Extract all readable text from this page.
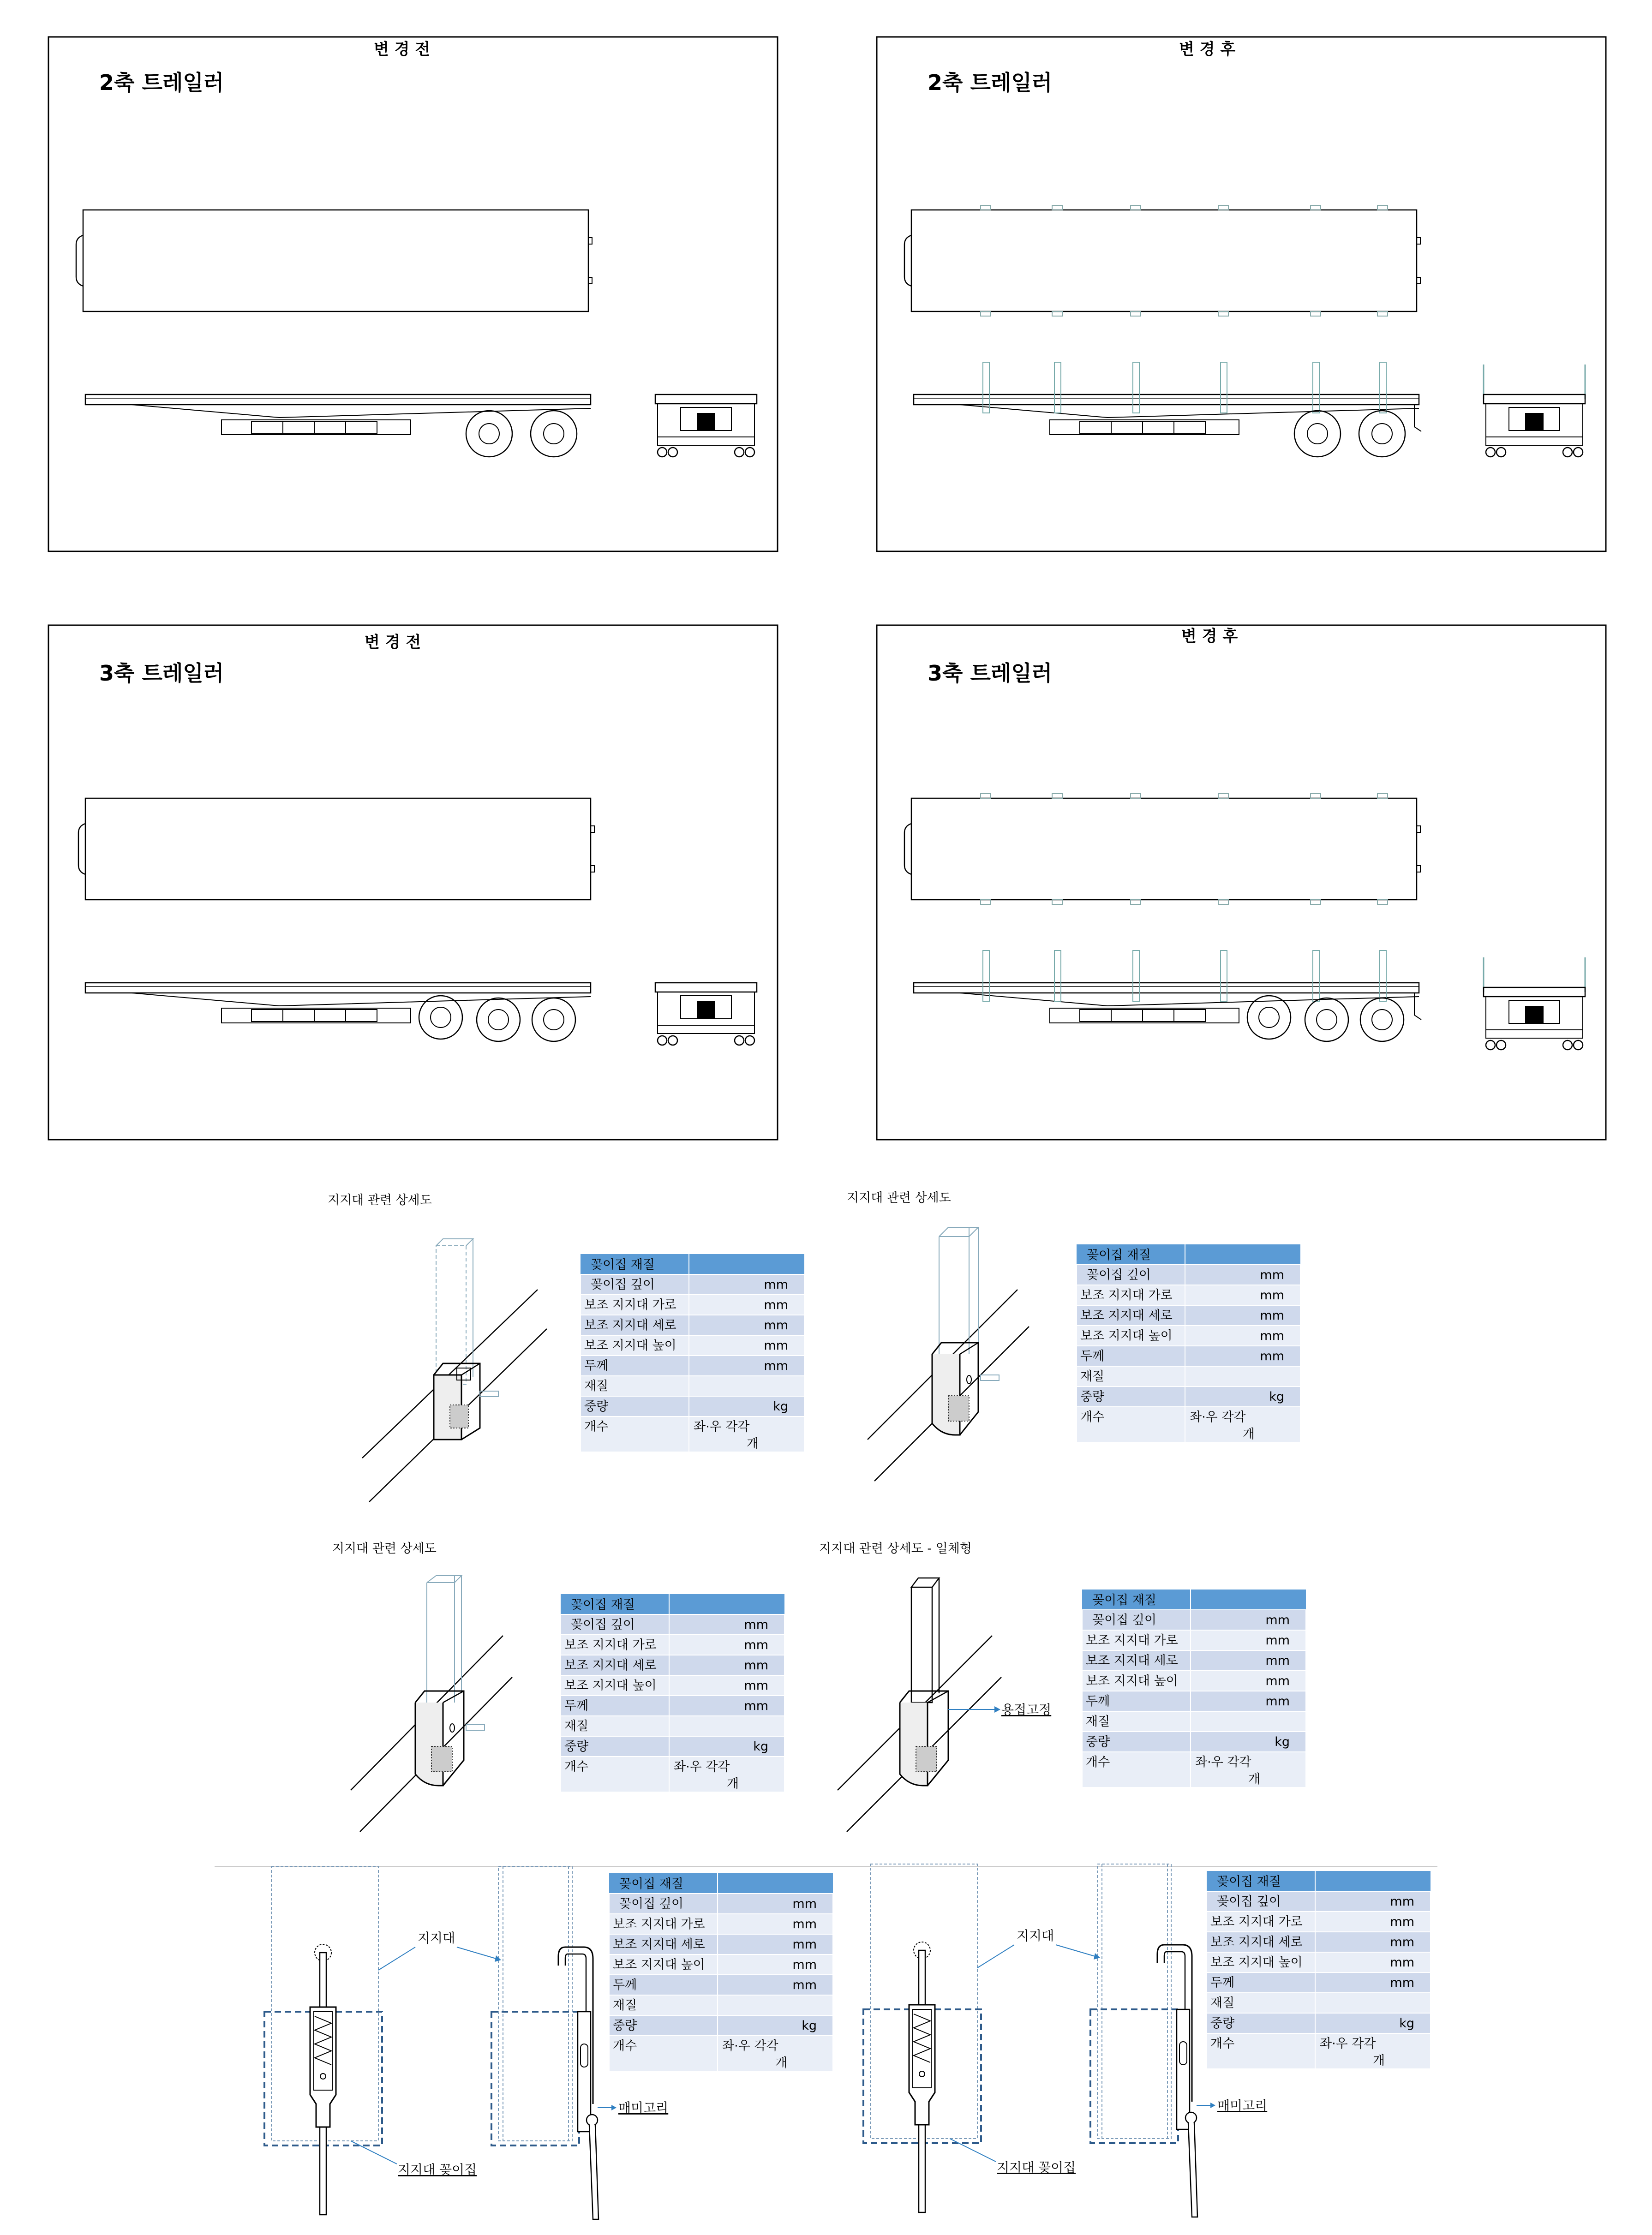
변 경 전
2축 트레일러
변 경 후
2축 트레일러
변 경 전
3축 트레일러
변 경 후
3축 트레일러
지지대 관련 상세도	지지대 관련 상세도
지지대 관련 상세도	지지대 관련 상세도 - 일체형
용접고정
꽂이집 재질
꽂이집 깊이	mm
보조 지지대 가로	mm
보조 지지대 세로	mm
보조 지지대 높이	mm
두께	mm
재질
중량	kg
개수	좌·우 각각
개
꽂이집 재질
꽂이집 깊이	mm
보조 지지대 가로	mm
보조 지지대 세로	mm
보조 지지대 높이	mm
두께	mm
재질
중량	kg
개수	좌·우 각각
개
꽂이집 재질
꽂이집 깊이	mm
보조 지지대 가로	mm
보조 지지대 세로	mm
보조 지지대 높이	mm
두께	mm
재질
중량	kg
개수	좌·우 각각
개
꽂이집 재질
꽂이집 깊이	mm
보조 지지대 가로	mm
보조 지지대 세로	mm
보조 지지대 높이	mm
두께	mm
재질
중량	kg
개수	좌·우 각각
개
꽂이집 재질
꽂이집 깊이	mm
보조 지지대 가로	mm
보조 지지대 세로	mm
보조 지지대 높이	mm
두께	mm
재질
중량	kg
개수	좌·우 각각
개
꽂이집 재질
꽂이집 깊이	mm
보조 지지대 가로	mm
보조 지지대 세로	mm
보조 지지대 높이	mm
두께	mm
재질
중량	kg
개수	좌·우 각각
개
지지대
지지대 꽂이집
매미고리
지지대
지지대 꽂이집
매미고리
